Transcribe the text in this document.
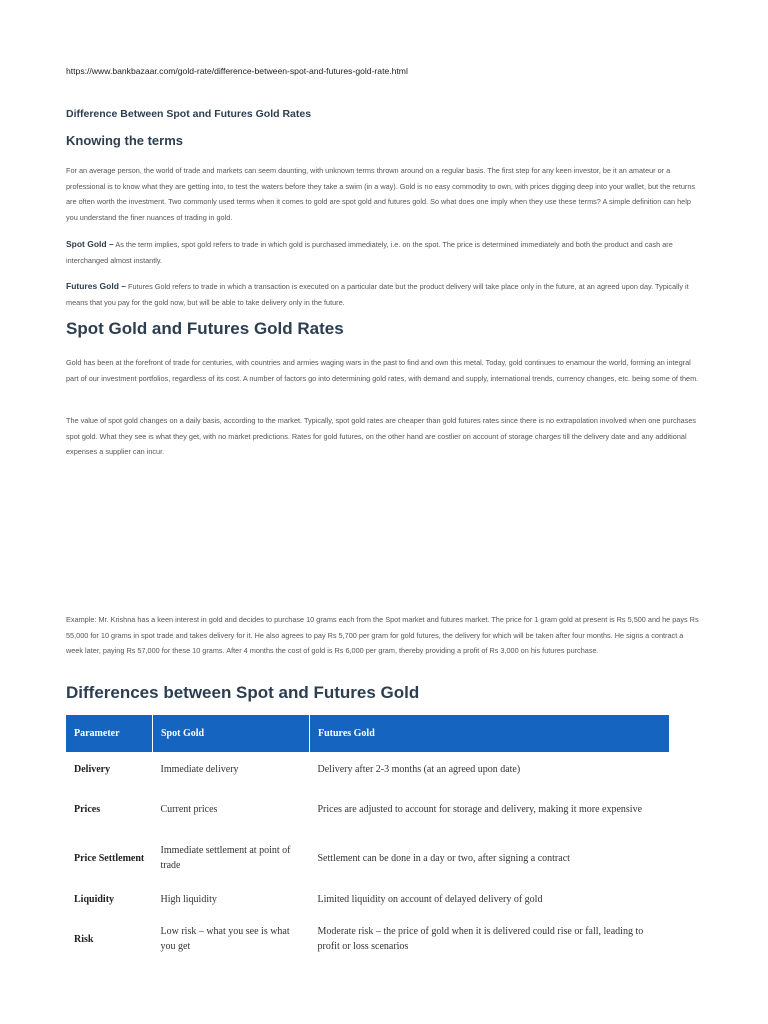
https://www.bankbazaar.com/gold-rate/difference-between-spot-and-futures-gold-rate.html
Difference Between Spot and Futures Gold Rates
Knowing the terms
For an average person, the world of trade and markets can seem daunting, with unknown terms thrown around on a regular basis. The first step for any keen investor, be it an amateur or a professional is to know what they are getting into, to test the waters before they take a swim (in a way). Gold is no easy commodity to own, with prices digging deep into your wallet, but the returns are often worth the investment. Two commonly used terms when it comes to gold are spot gold and futures gold. So what does one imply when they use these terms? A simple definition can help you understand the finer nuances of trading in gold.
Spot Gold – As the term implies, spot gold refers to trade in which gold is purchased immediately, i.e. on the spot. The price is determined immediately and both the product and cash are interchanged almost instantly.
Futures Gold – Futures Gold refers to trade in which a transaction is executed on a particular date but the product delivery will take place only in the future, at an agreed upon day. Typically it means that you pay for the gold now, but will be able to take delivery only in the future.
Spot Gold and Futures Gold Rates
Gold has been at the forefront of trade for centuries, with countries and armies waging wars in the past to find and own this metal. Today, gold continues to enamour the world, forming an integral part of our investment portfolios, regardless of its cost. A number of factors go into determining gold rates, with demand and supply, international trends, currency changes, etc. being some of them.
The value of spot gold changes on a daily basis, according to the market. Typically, spot gold rates are cheaper than gold futures rates since there is no extrapolation involved when one purchases spot gold. What they see is what they get, with no market predictions. Rates for gold futures, on the other hand are costlier on account of storage charges till the delivery date and any additional expenses a supplier can incur.
Example: Mr. Krishna has a keen interest in gold and decides to purchase 10 grams each from the Spot market and futures market. The price for 1 gram gold at present is Rs 5,500 and he pays Rs 55,000 for 10 grams in spot trade and takes delivery for it. He also agrees to pay Rs 5,700 per gram for gold futures, the delivery for which will be taken after four months. He signs a contract a week later, paying Rs 57,000 for these 10 grams. After 4 months the cost of gold is Rs 6,000 per gram, thereby providing a profit of Rs 3,000 on his futures purchase.
Differences between Spot and Futures Gold
Parameter	Spot Gold	Futures Gold
Delivery	Immediate delivery	Delivery after 2-3 months (at an agreed upon date)
Prices	Current prices	Prices are adjusted to account for storage and delivery, making it more expensive
Price Settlement	Immediate settlement at point of trade	Settlement can be done in a day or two, after signing a contract
Liquidity	High liquidity	Limited liquidity on account of delayed delivery of gold
Risk	Low risk – what you see is what you get	Moderate risk – the price of gold when it is delivered could rise or fall, leading to profit or loss scenarios
